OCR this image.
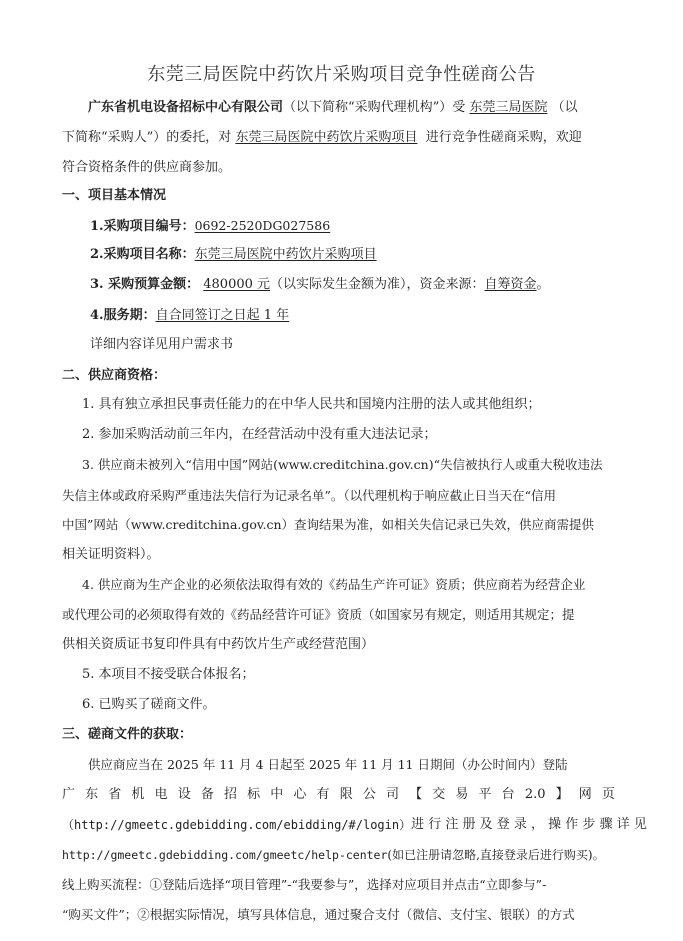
东莞三局医院中药饮片采购项目竞争性磋商公告
广东省机电设备招标中心有限公司（以下简称“采购代理机构”）受 东莞三局医院 （以
下简称“采购人”）的委托，对 东莞三局医院中药饮片采购项目 进行竞争性磋商采购，欢迎
符合资格条件的供应商参加。
一、项目基本情况
1.采购项目编号：0692-2520DG027586
2.采购项目名称：东莞三局医院中药饮片采购项目
3. 采购预算金额： 480000 元（以实际发生金额为准），资金来源：自筹资金。
4.服务期：自合同签订之日起 1 年
详细内容详见用户需求书
二、供应商资格：
1. 具有独立承担民事责任能力的在中华人民共和国境内注册的法人或其他组织；
2. 参加采购活动前三年内，在经营活动中没有重大违法记录；
3. 供应商未被列入“信用中国”网站(www.creditchina.gov.cn)“失信被执行人或重大税收违法
失信主体或政府采购严重违法失信行为记录名单”。（以代理机构于响应截止日当天在“信用
中国”网站（www.creditchina.gov.cn）查询结果为准，如相关失信记录已失效，供应商需提供
相关证明资料）。
4. 供应商为生产企业的必须依法取得有效的《药品生产许可证》资质；供应商若为经营企业
或代理公司的必须取得有效的《药品经营许可证》资质（如国家另有规定，则适用其规定；提
供相关资质证书复印件具有中药饮片生产或经营范围）
5. 本项目不接受联合体报名；
6. 已购买了磋商文件。
三、磋商文件的获取：
供应商应当在 2025 年 11 月 4 日起至 2025 年 11 月 11 日期间（办公时间内）登陆
广 东 省 机 电 设 备 招 标 中 心 有 限 公 司 【 交 易 平 台 2.0 】 网 页
（http://gmeetc.gdebidding.com/ebidding/#/login） 进 行 注 册 及 登 录 ， 操 作 步 骤 详 见
http://gmeetc.gdebidding.com/gmeetc/help-center(如已注册请忽略,直接登录后进行购买)。
线上购买流程：①登陆后选择“项目管理”-“我要参与”，选择对应项目并点击“立即参与”-
“购买文件”；②根据实际情况，填写具体信息，通过聚合支付（微信、支付宝、银联）的方式
